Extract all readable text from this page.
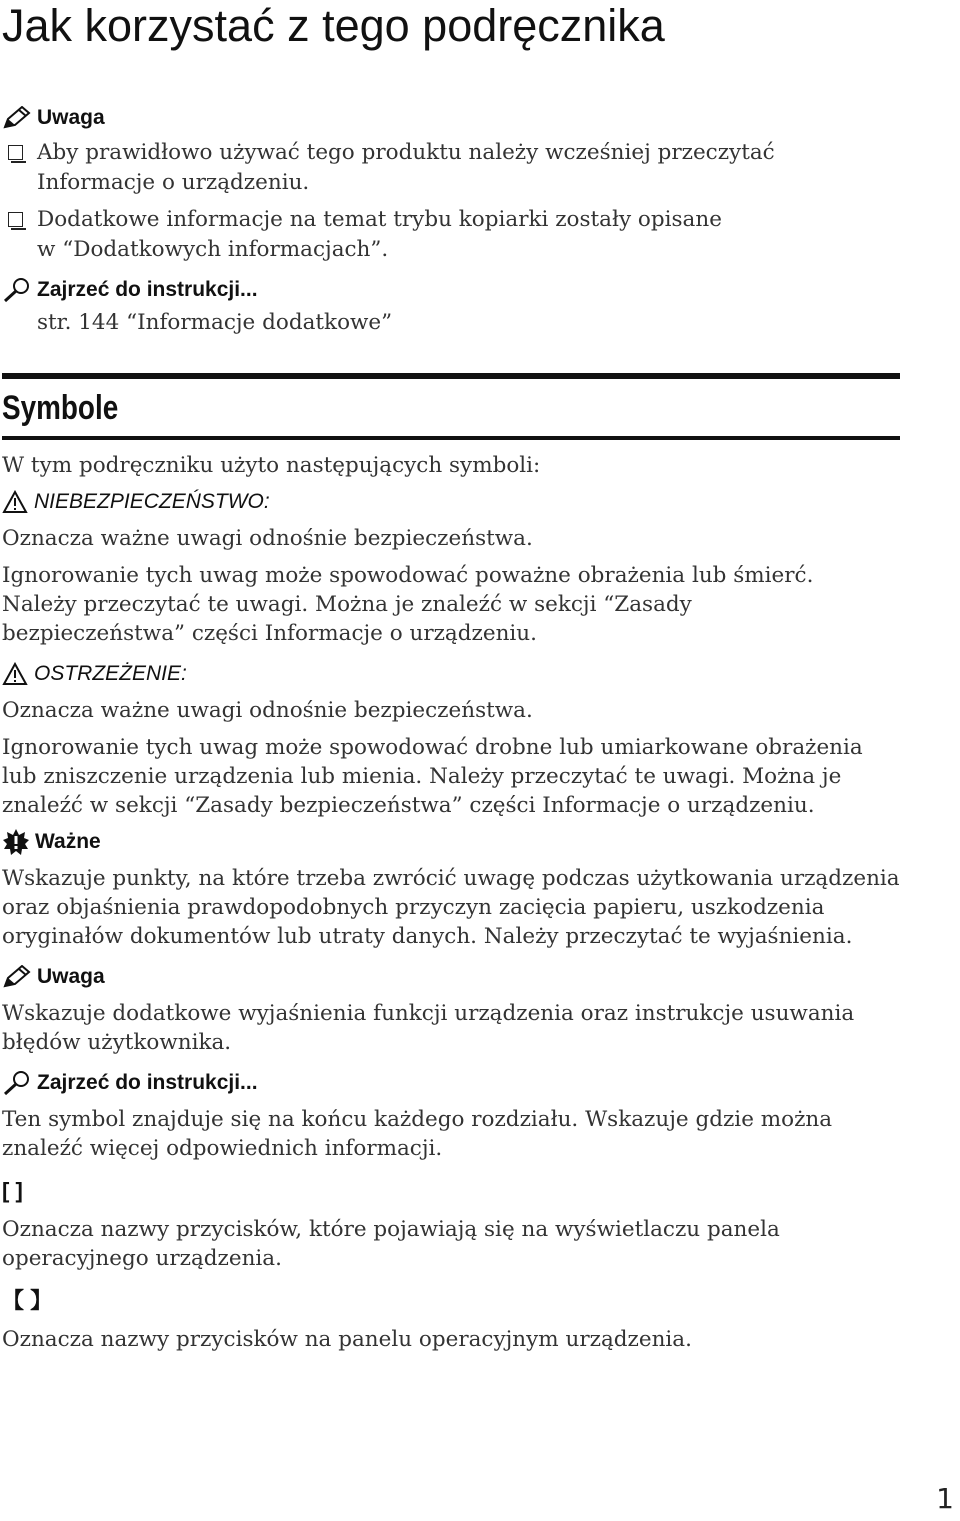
Jak korzystać z tego podręcznika
Uwaga
Aby prawidłowo używać tego produktu należy wcześniej przeczytać
Informacje o urządzeniu.
Dodatkowe informacje na temat trybu kopiarki zostały opisane
w “Dodatkowych informacjach”.
Zajrzeć do instrukcji...
str. 144 “Informacje dodatkowe”
Symbole

W tym podręczniku użyto następujących symboli:

NIEBEZPIECZEŃSTWO:

Oznacza ważne uwagi odnośnie bezpieczeństwa.

Ignorowanie tych uwag może spowodować poważne obrażenia lub śmierć.

Należy przeczytać te uwagi. Można je znaleźć w sekcji “Zasady

bezpieczeństwa” części Informacje o urządzeniu.

OSTRZEŻENIE:

Oznacza ważne uwagi odnośnie bezpieczeństwa.

Ignorowanie tych uwag może spowodować drobne lub umiarkowane obrażenia

lub zniszczenie urządzenia lub mienia. Należy przeczytać te uwagi. Można je

znaleźć w sekcji “Zasady bezpieczeństwa” części Informacje o urządzeniu.

Ważne

Wskazuje punkty, na które trzeba zwrócić uwagę podczas użytkowania urządzenia

oraz objaśnienia prawdopodobnych przyczyn zacięcia papieru, uszkodzenia

oryginałów dokumentów lub utraty danych. Należy przeczytać te wyjaśnienia.

Uwaga

Wskazuje dodatkowe wyjaśnienia funkcji urządzenia oraz instrukcje usuwania

błędów użytkownika.

Zajrzeć do instrukcji...

Ten symbol znajduje się na końcu każdego rozdziału. Wskazuje gdzie można

znaleźć więcej odpowiednich informacji.

[ ]

Oznacza nazwy przycisków, które pojawiają się na wyświetlaczu panela

operacyjnego urządzenia.

【 】

Oznacza nazwy przycisków na panelu operacyjnym urządzenia.

1
